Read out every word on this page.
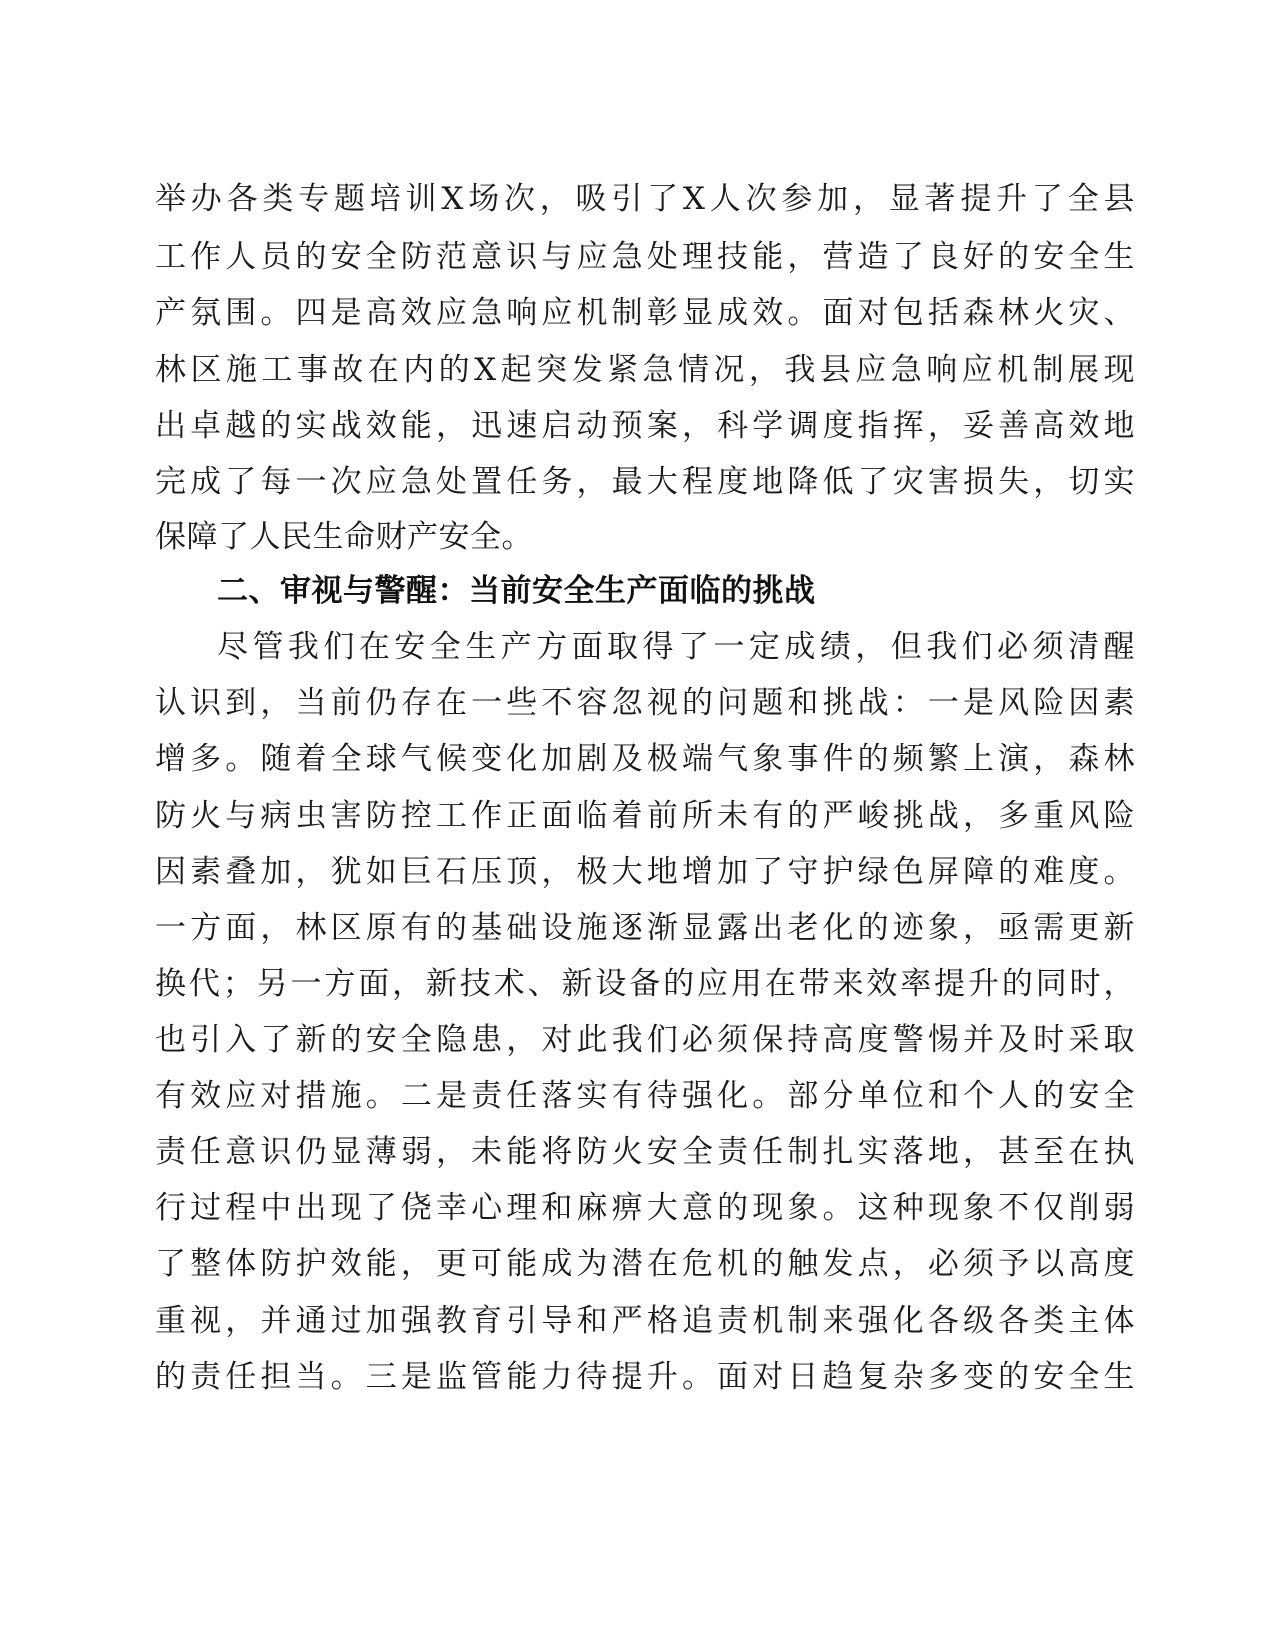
举办各类专题培训X场次，吸引了X人次参加，显著提升了全县

工作人员的安全防范意识与应急处理技能，营造了良好的安全生

产氛围。四是高效应急响应机制彰显成效。面对包括森林火灾、

林区施工事故在内的X起突发紧急情况，我县应急响应机制展现

出卓越的实战效能，迅速启动预案，科学调度指挥，妥善高效地

完成了每一次应急处置任务，最大程度地降低了灾害损失，切实

保障了人民生命财产安全。

二、审视与警醒：当前安全生产面临的挑战

尽管我们在安全生产方面取得了一定成绩，但我们必须清醒

认识到，当前仍存在一些不容忽视的问题和挑战：一是风险因素

增多。随着全球气候变化加剧及极端气象事件的频繁上演，森林

防火与病虫害防控工作正面临着前所未有的严峻挑战，多重风险

因素叠加，犹如巨石压顶，极大地增加了守护绿色屏障的难度。

一方面，林区原有的基础设施逐渐显露出老化的迹象，亟需更新

换代；另一方面，新技术、新设备的应用在带来效率提升的同时，

也引入了新的安全隐患，对此我们必须保持高度警惕并及时采取

有效应对措施。二是责任落实有待强化。部分单位和个人的安全

责任意识仍显薄弱，未能将防火安全责任制扎实落地，甚至在执

行过程中出现了侥幸心理和麻痹大意的现象。这种现象不仅削弱

了整体防护效能，更可能成为潜在危机的触发点，必须予以高度

重视，并通过加强教育引导和严格追责机制来强化各级各类主体

的责任担当。三是监管能力待提升。面对日趋复杂多变的安全生
